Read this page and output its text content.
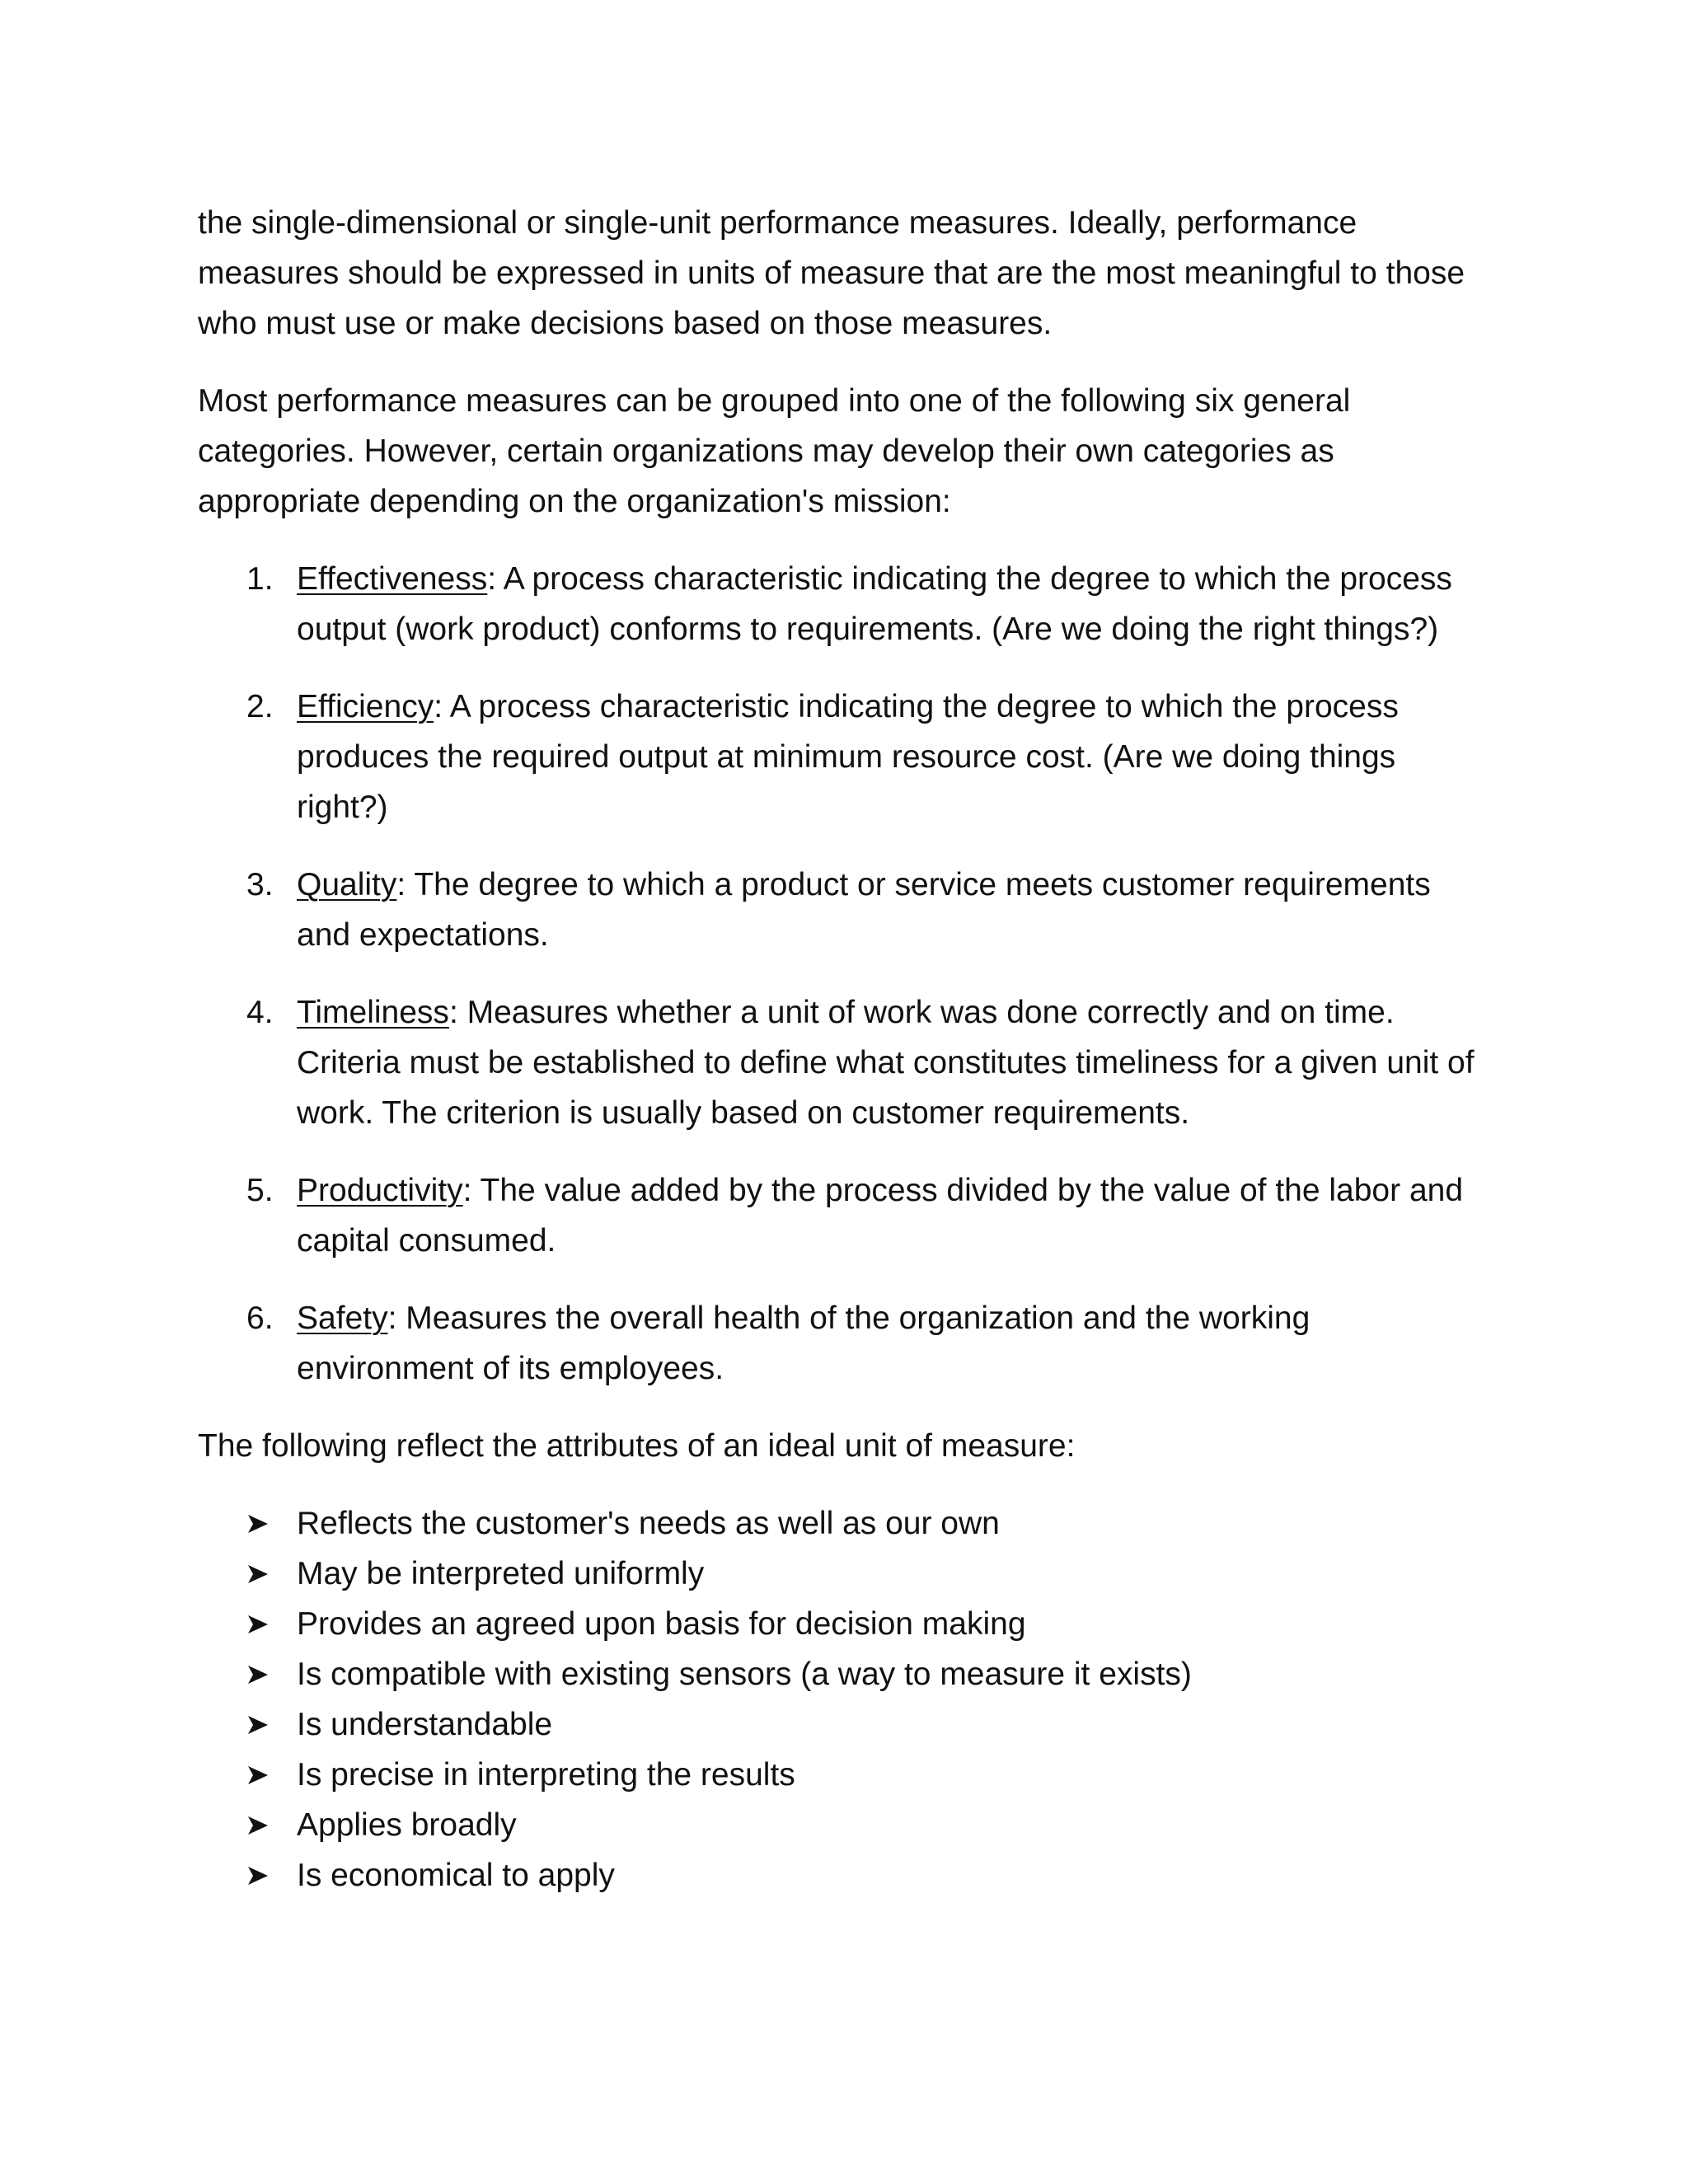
the single-dimensional or single-unit performance measures. Ideally, performance measures should be expressed in units of measure that are the most meaningful to those who must use or make decisions based on those measures.

Most performance measures can be grouped into one of the following six general categories. However, certain organizations may develop their own categories as appropriate depending on the organization's mission:

1. Effectiveness: A process characteristic indicating the degree to which the process output (work product) conforms to requirements. (Are we doing the right things?)
2. Efficiency: A process characteristic indicating the degree to which the process produces the required output at minimum resource cost. (Are we doing things right?)
3. Quality: The degree to which a product or service meets customer requirements and expectations.
4. Timeliness: Measures whether a unit of work was done correctly and on time. Criteria must be established to define what constitutes timeliness for a given unit of work. The criterion is usually based on customer requirements.
5. Productivity: The value added by the process divided by the value of the labor and capital consumed.
6. Safety: Measures the overall health of the organization and the working environment of its employees.

The following reflect the attributes of an ideal unit of measure:

Reflects the customer's needs as well as our own
May be interpreted uniformly
Provides an agreed upon basis for decision making
Is compatible with existing sensors (a way to measure it exists)
Is understandable
Is precise in interpreting the results
Applies broadly
Is economical to apply
